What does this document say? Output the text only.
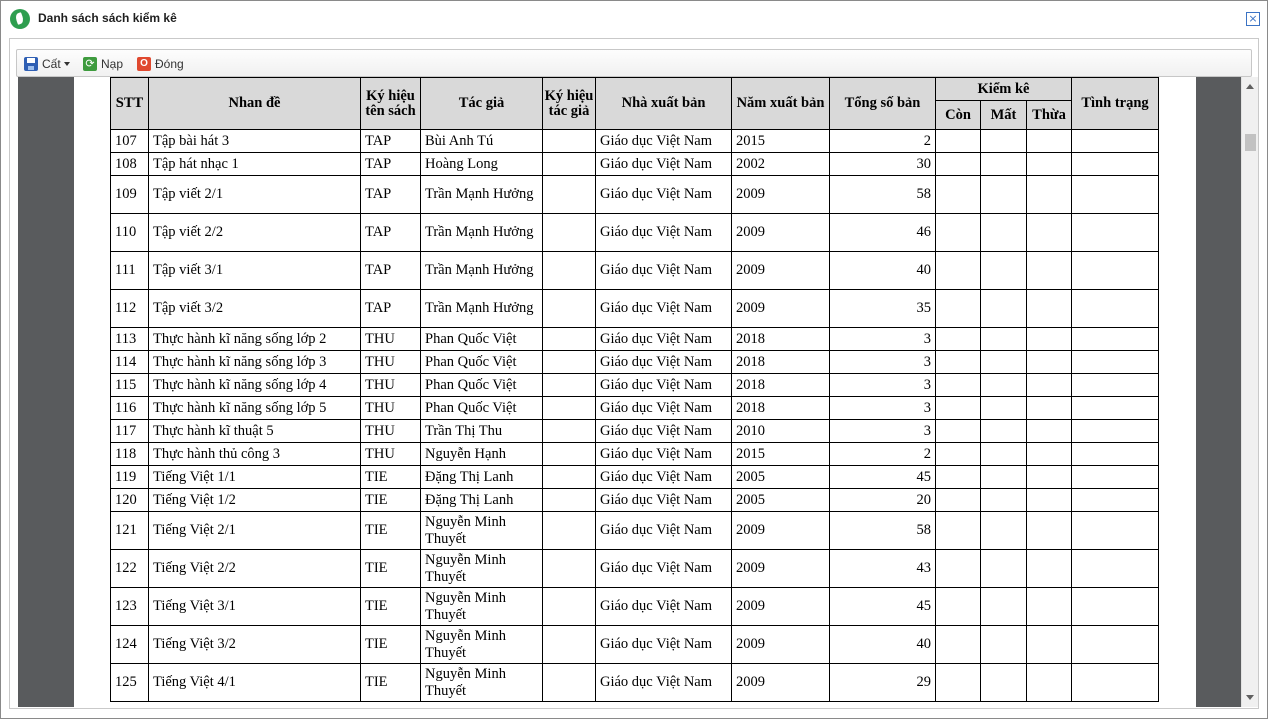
Danh sách sách kiểm kê	×
Cất ⟳ Nạp	O Đóng
STT	Nhan đề	Ký hiệu tên sách	Tác giả	Ký hiệu tác giả	Nhà xuất bản	Năm xuất bản	Tổng số bản	Kiểm kê			Tình trạng
								Còn	Mất	Thừa	
107	Tập bài hát 3	TAP	Bùi Anh Tú		Giáo dục Việt Nam	2015	2				
108	Tập hát nhạc 1	TAP	Hoàng Long		Giáo dục Việt Nam	2002	30				
109	Tập viết 2/1	TAP	Trần Mạnh Hưởng		Giáo dục Việt Nam	2009	58				
110	Tập viết 2/2	TAP	Trần Mạnh Hưởng		Giáo dục Việt Nam	2009	46				
111	Tập viết 3/1	TAP	Trần Mạnh Hưởng		Giáo dục Việt Nam	2009	40				
112	Tập viết 3/2	TAP	Trần Mạnh Hưởng		Giáo dục Việt Nam	2009	35				
113	Thực hành kĩ năng sống lớp 2	THU	Phan Quốc Việt		Giáo dục Việt Nam	2018	3				
114	Thực hành kĩ năng sống lớp 3	THU	Phan Quốc Việt		Giáo dục Việt Nam	2018	3				
115	Thực hành kĩ năng sống lớp 4	THU	Phan Quốc Việt		Giáo dục Việt Nam	2018	3				
116	Thực hành kĩ năng sống lớp 5	THU	Phan Quốc Việt		Giáo dục Việt Nam	2018	3				
117	Thực hành kĩ thuật 5	THU	Trần Thị Thu		Giáo dục Việt Nam	2010	3				
118	Thực hành thủ công 3	THU	Nguyễn Hạnh		Giáo dục Việt Nam	2015	2				
119	Tiếng Việt 1/1	TIE	Đặng Thị Lanh		Giáo dục Việt Nam	2005	45				
120	Tiếng Việt 1/2	TIE	Đặng Thị Lanh		Giáo dục Việt Nam	2005	20				
121	Tiếng Việt 2/1	TIE	Nguyễn Minh Thuyết		Giáo dục Việt Nam	2009	58				
122	Tiếng Việt 2/2	TIE	Nguyễn Minh Thuyết		Giáo dục Việt Nam	2009	43				
123	Tiếng Việt 3/1	TIE	Nguyễn Minh Thuyết		Giáo dục Việt Nam	2009	45				
124	Tiếng Việt 3/2	TIE	Nguyễn Minh Thuyết		Giáo dục Việt Nam	2009	40				
125	Tiếng Việt 4/1	TIE	Nguyễn Minh Thuyết		Giáo dục Việt Nam	2009	29				
